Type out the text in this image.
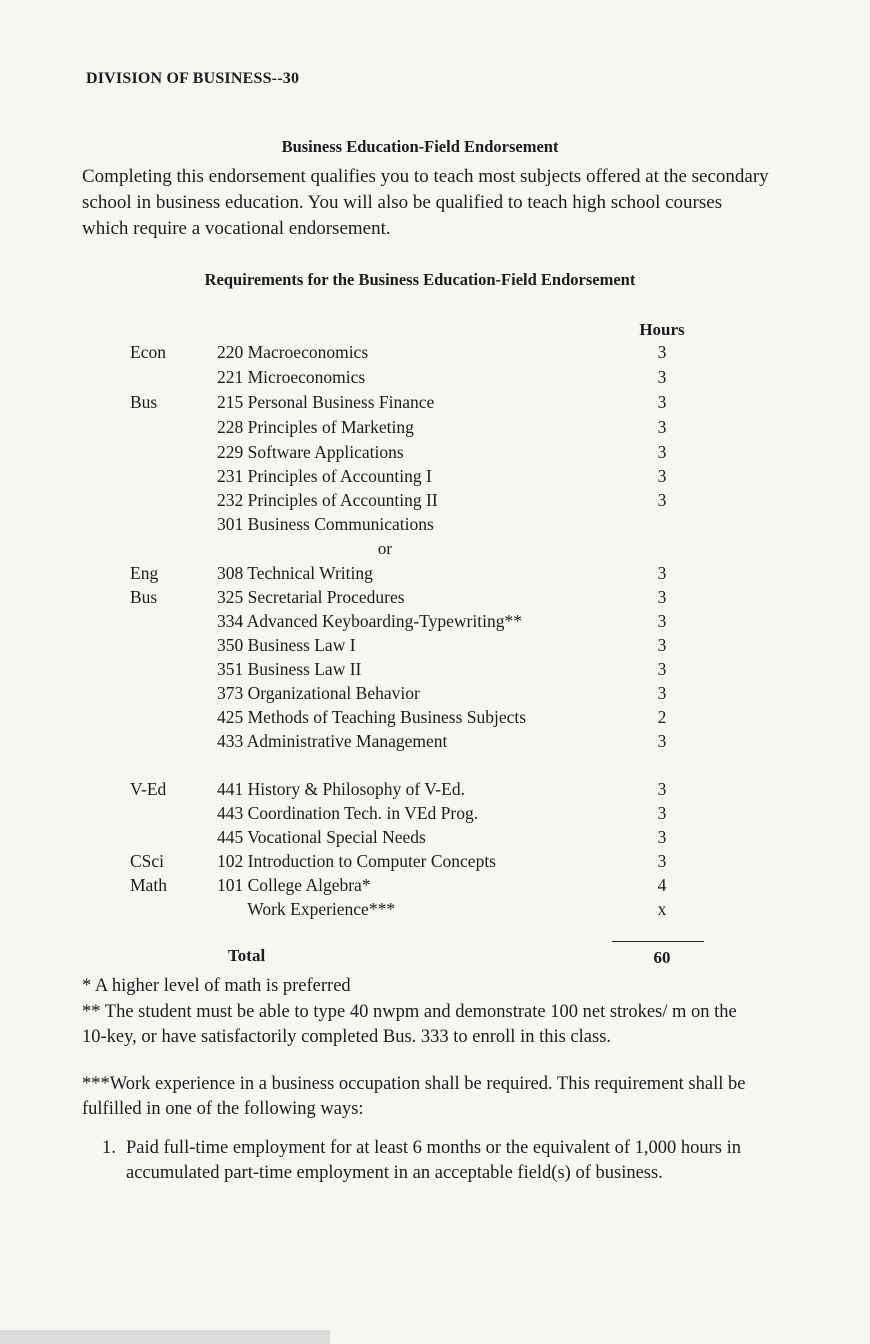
DIVISION OF BUSINESS--30
Business Education-Field Endorsement

Completing this endorsement qualifies you to teach most subjects offered at the secondary school in business education. You will also be qualified to teach high school courses which require a vocational endorsement.

Requirements for the Business Education-Field Endorsement
Hours
Econ	220 Macroeconomics	3
221 Microeconomics	3
Bus	215 Personal Business Finance	3
228 Principles of Marketing	3
229 Software Applications	3
231 Principles of Accounting I	3
232 Principles of Accounting II	3
301 Business Communications
or
Eng	308 Technical Writing	3
Bus	325 Secretarial Procedures	3
334 Advanced Keyboarding-Typewriting**	3
350 Business Law I	3
351 Business Law II	3
373 Organizational Behavior	3
425 Methods of Teaching Business Subjects	2
433 Administrative Management	3
V-Ed	441 History & Philosophy of V-Ed.	3
443 Coordination Tech. in VEd Prog.	3
445 Vocational Special Needs	3
CSci	102 Introduction to Computer Concepts	3
Math	101 College Algebra*	4
Work Experience***	x
Total	60

* A higher level of math is preferred

** The student must be able to type 40 nwpm and demonstrate 100 net strokes/ m on the 10-key, or have satisfactorily completed Bus. 333 to enroll in this class.

***Work experience in a business occupation shall be required. This requirement shall be fulfilled in one of the following ways:

1. Paid full-time employment for at least 6 months or the equivalent of 1,000 hours in accumulated part-time employment in an acceptable field(s) of business.
